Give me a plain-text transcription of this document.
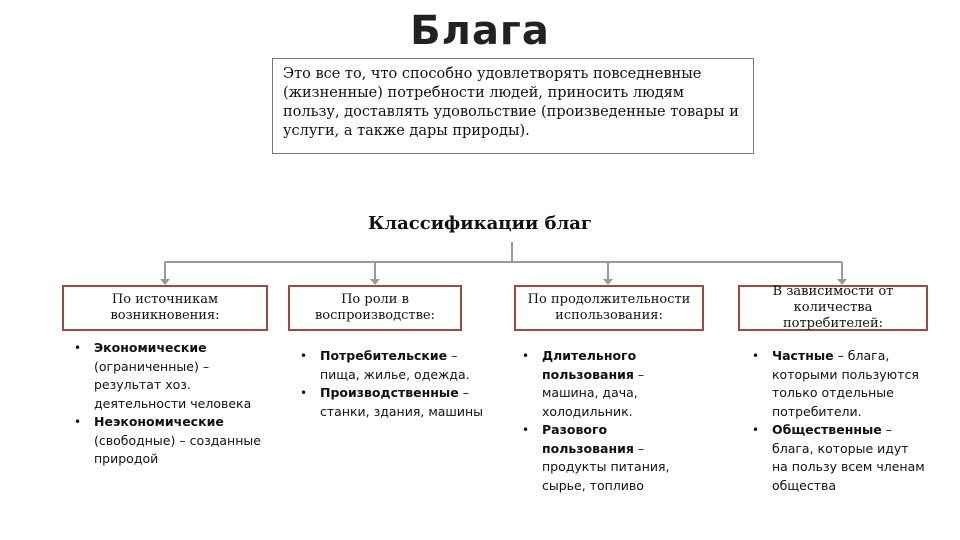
Блага
Это все то, что способно удовлетворять повседневные (жизненные) потребности людей, приносить людям пользу, доставлять удовольствие (произведенные товары и услуги, а также дары природы).
Классификации благ
По источникам возникновения:
• Экономические (ограниченные) – результат хоз. деятельности человека
• Неэкономические (свободные) – созданные природой
По роли в воспроизводстве:
• Потребительские – пища, жилье, одежда.
• Производственные – станки, здания, машины
По продолжительности использования:
• Длительного пользования – машина, дача, холодильник.
• Разового пользования – продукты питания, сырье, топливо
В зависимости от количества потребителей:
• Частные – блага, которыми пользуются только отдельные потребители.
• Общественные – блага, которые идут на пользу всем членам общества
